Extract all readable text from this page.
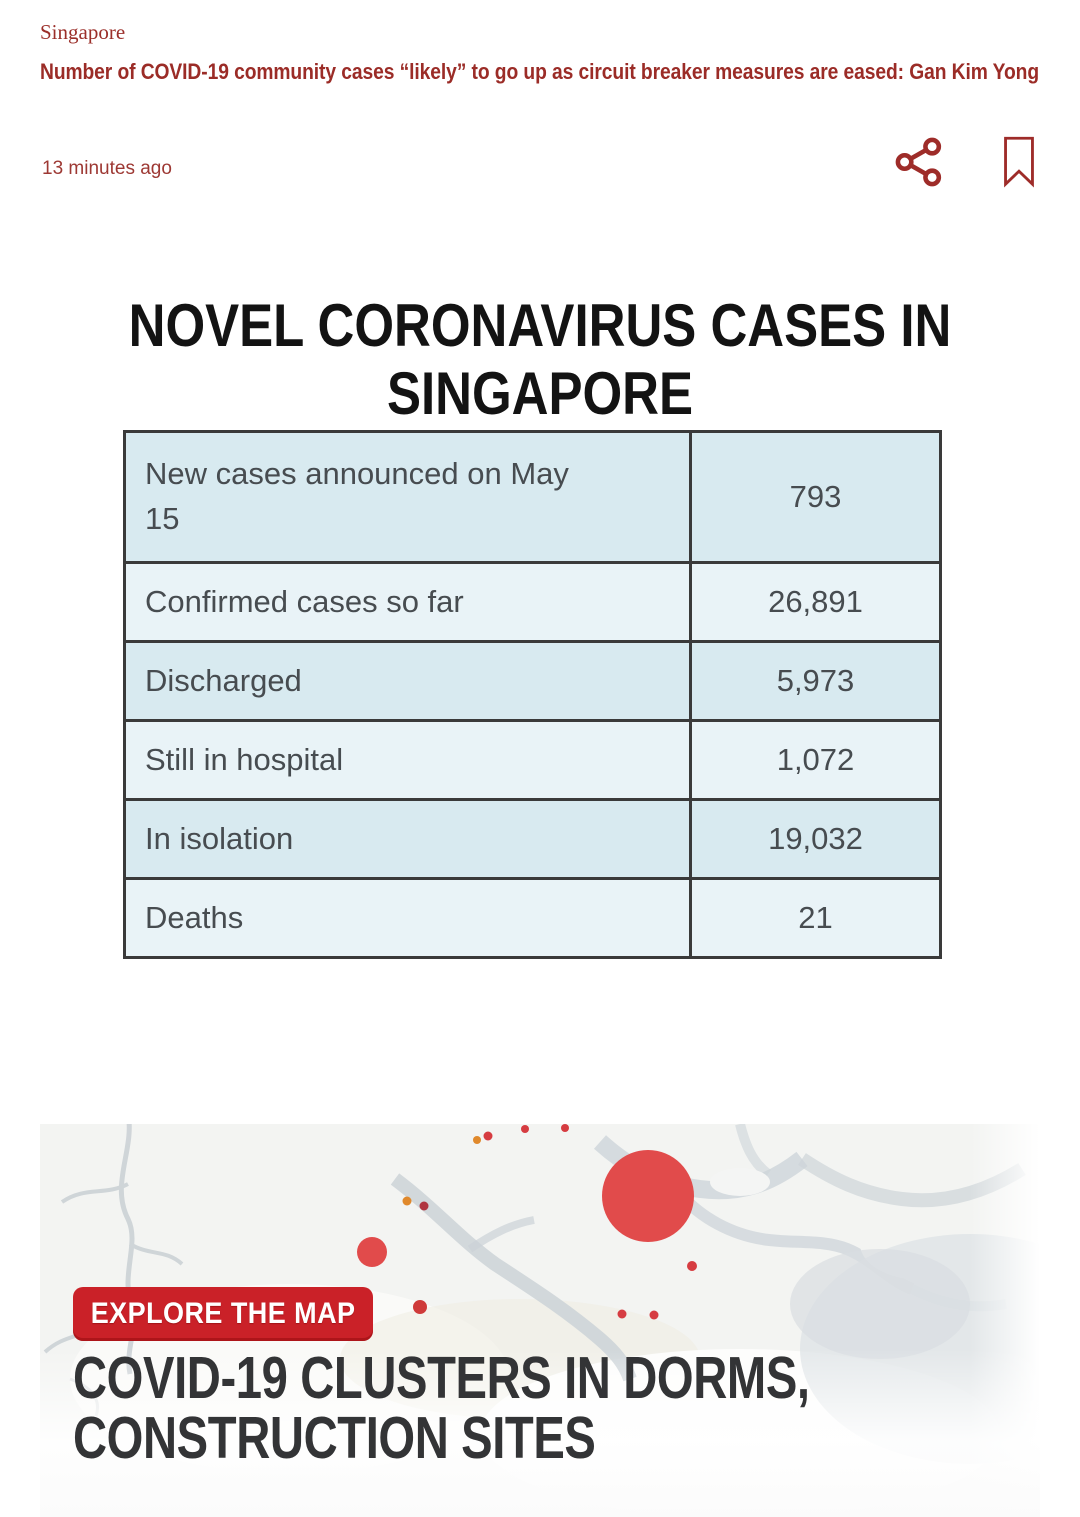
Singapore
Number of COVID-19 community cases “likely” to go up as circuit breaker measures are eased: Gan Kim Yong
13 minutes ago
NOVEL CORONAVIRUS CASES IN
SINGAPORE
New cases announced on May 15	793
Confirmed cases so far	26,891
Discharged	5,973
Still in hospital	1,072
In isolation	19,032
Deaths	21
EXPLORE THE MAP
COVID-19 CLUSTERS IN DORMS,
CONSTRUCTION SITES
